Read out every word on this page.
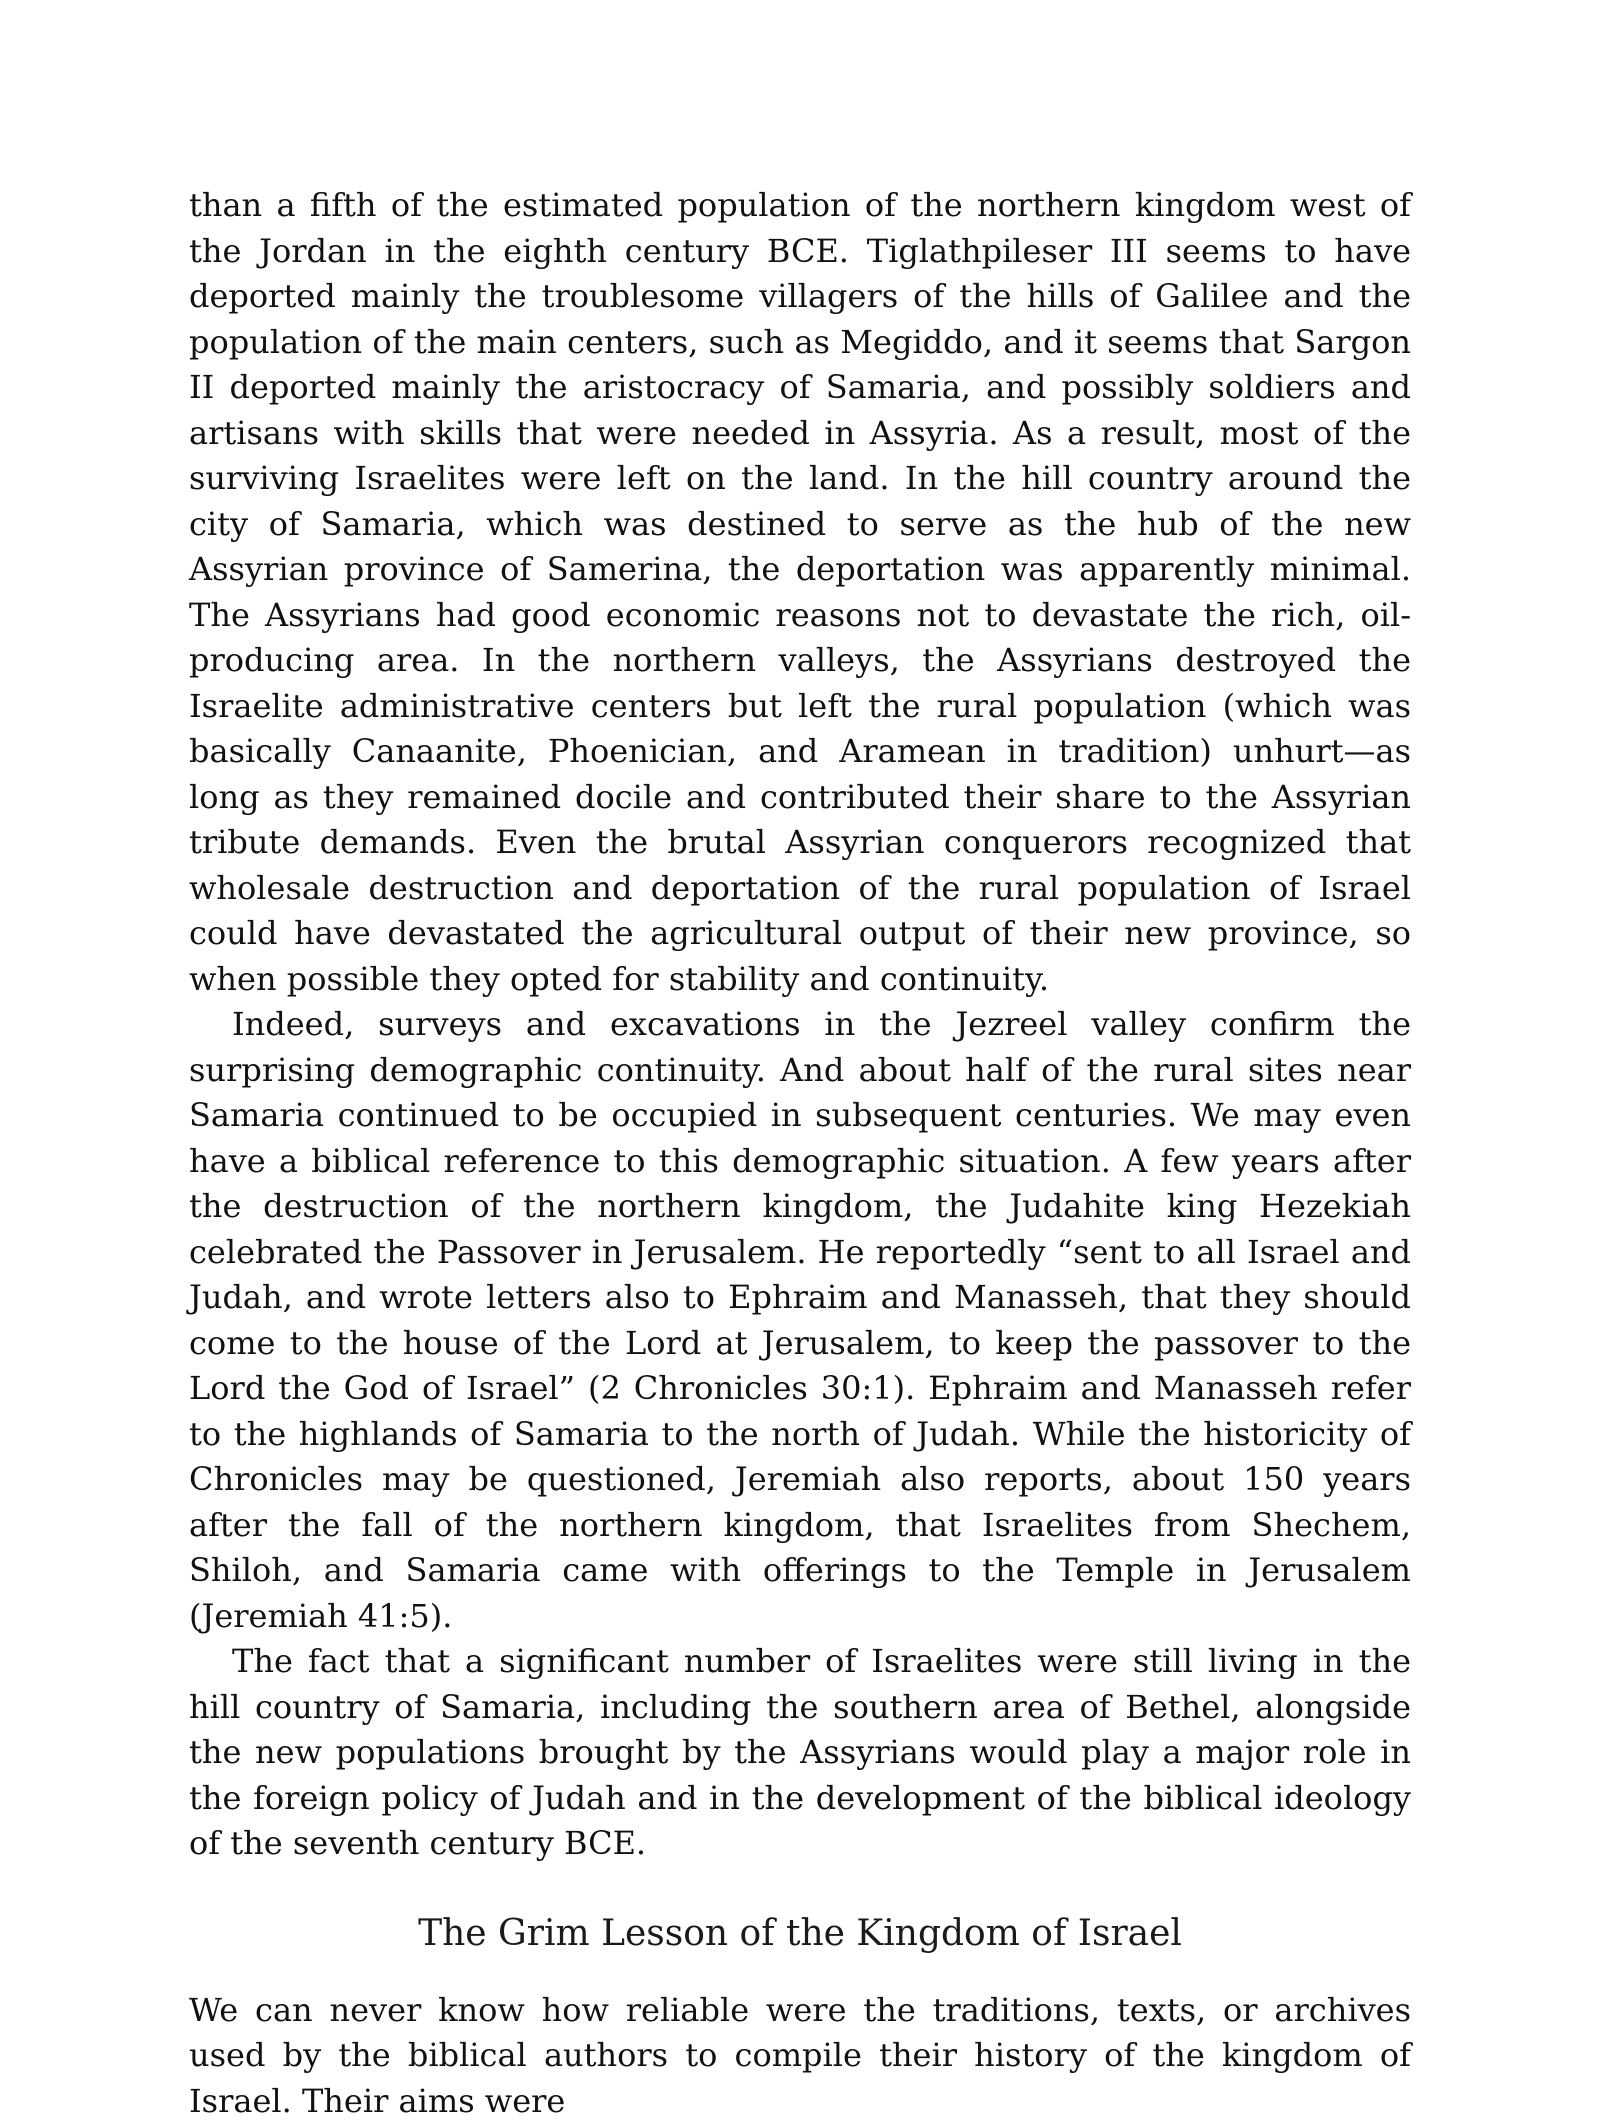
than a fifth of the estimated population of the northern kingdom west of the Jordan in the eighth century BCE. Tiglathpileser III seems to have deported mainly the troublesome villagers of the hills of Galilee and the population of the main centers, such as Megiddo, and it seems that Sargon II deported mainly the aristocracy of Samaria, and possibly soldiers and artisans with skills that were needed in Assyria. As a result, most of the surviving Israelites were left on the land. In the hill country around the city of Samaria, which was destined to serve as the hub of the new Assyrian province of Samerina, the deportation was apparently minimal. The Assyrians had good economic reasons not to devastate the rich, oil-producing area. In the northern valleys, the Assyrians destroyed the Israelite administrative centers but left the rural population (which was basically Canaanite, Phoenician, and Aramean in tradition) unhurt—as long as they remained docile and contributed their share to the Assyrian tribute demands. Even the brutal Assyrian conquerors recognized that wholesale destruction and deportation of the rural population of Israel could have devastated the agricultural output of their new province, so when possible they opted for stability and continuity.

Indeed, surveys and excavations in the Jezreel valley confirm the surprising demographic continuity. And about half of the rural sites near Samaria continued to be occupied in subsequent centuries. We may even have a biblical reference to this demographic situation. A few years after the destruction of the northern kingdom, the Judahite king Hezekiah celebrated the Passover in Jerusalem. He reportedly “sent to all Israel and Judah, and wrote letters also to Ephraim and Manasseh, that they should come to the house of the Lord at Jerusalem, to keep the passover to the Lord the God of Israel” (2 Chronicles 30:1). Ephraim and Manasseh refer to the highlands of Samaria to the north of Judah. While the historicity of Chronicles may be questioned, Jeremiah also reports, about 150 years after the fall of the northern kingdom, that Israelites from Shechem, Shiloh, and Samaria came with offerings to the Temple in Jerusalem (Jeremiah 41:5).

The fact that a significant number of Israelites were still living in the hill country of Samaria, including the southern area of Bethel, alongside the new populations brought by the Assyrians would play a major role in the foreign policy of Judah and in the development of the biblical ideology of the seventh century BCE.

The Grim Lesson of the Kingdom of Israel

We can never know how reliable were the traditions, texts, or archives used by the biblical authors to compile their history of the kingdom of Israel. Their aims were
